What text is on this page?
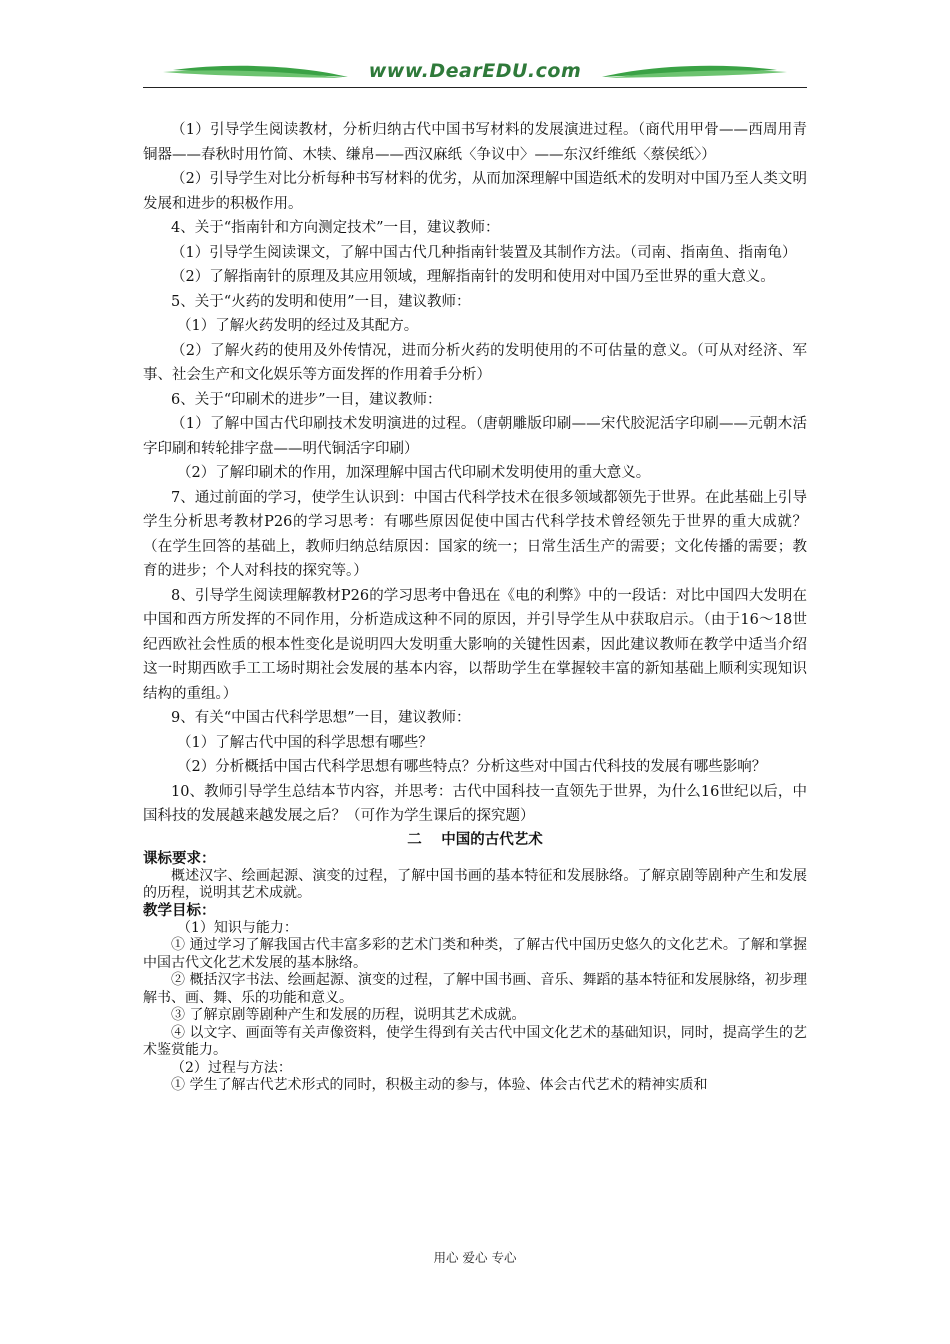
www.DearEDU.com

（1）引导学生阅读教材，分析归纳古代中国书写材料的发展演进过程。（商代用甲骨——西周用青铜器——春秋时用竹简、木犊、缣帛——西汉麻纸〈争议中〉——东汉纤维纸〈蔡侯纸〉）

（2）引导学生对比分析每种书写材料的优劣，从而加深理解中国造纸术的发明对中国乃至人类文明发展和进步的积极作用。

4、关于“指南针和方向测定技术”一目，建议教师：

（1）引导学生阅读课文，了解中国古代几种指南针装置及其制作方法。（司南、指南鱼、指南龟）

（2）了解指南针的原理及其应用领域，理解指南针的发明和使用对中国乃至世界的重大意义。

5、关于“火药的发明和使用”一目，建议教师：

（1）了解火药发明的经过及其配方。

（2）了解火药的使用及外传情况，进而分析火药的发明使用的不可估量的意义。（可从对经济、军事、社会生产和文化娱乐等方面发挥的作用着手分析）

6、关于“印刷术的进步”一目，建议教师：

（1）了解中国古代印刷技术发明演进的过程。（唐朝雕版印刷——宋代胶泥活字印刷——元朝木活字印刷和转轮排字盘——明代铜活字印刷）

（2）了解印刷术的作用，加深理解中国古代印刷术发明使用的重大意义。

7、通过前面的学习，使学生认识到：中国古代科学技术在很多领域都领先于世界。在此基础上引导学生分析思考教材P26的学习思考：有哪些原因促使中国古代科学技术曾经领先于世界的重大成就？（在学生回答的基础上，教师归纳总结原因：国家的统一；日常生活生产的需要；文化传播的需要；教育的进步；个人对科技的探究等。）

8、引导学生阅读理解教材P26的学习思考中鲁迅在《电的利弊》中的一段话：对比中国四大发明在中国和西方所发挥的不同作用，分析造成这种不同的原因，并引导学生从中获取启示。（由于16～18世纪西欧社会性质的根本性变化是说明四大发明重大影响的关键性因素，因此建议教师在教学中适当介绍这一时期西欧手工工场时期社会发展的基本内容，以帮助学生在掌握较丰富的新知基础上顺利实现知识结构的重组。）

9、有关“中国古代科学思想”一目，建议教师：

（1）了解古代中国的科学思想有哪些？

（2）分析概括中国古代科学思想有哪些特点？分析这些对中国古代科技的发展有哪些影响？

10、教师引导学生总结本节内容，并思考：古代中国科技一直领先于世界，为什么16世纪以后，中国科技的发展越来越发展之后？（可作为学生课后的探究题）

二　 中国的古代艺术

课标要求：

概述汉字、绘画起源、演变的过程，了解中国书画的基本特征和发展脉络。了解京剧等剧种产生和发展的历程，说明其艺术成就。

教学目标：

（1）知识与能力：

① 通过学习了解我国古代丰富多彩的艺术门类和种类，了解古代中国历史悠久的文化艺术。了解和掌握中国古代文化艺术发展的基本脉络。

② 概括汉字书法、绘画起源、演变的过程，了解中国书画、音乐、舞蹈的基本特征和发展脉络，初步理解书、画、舞、乐的功能和意义。

③ 了解京剧等剧种产生和发展的历程，说明其艺术成就。

④ 以文字、画面等有关声像资料，使学生得到有关古代中国文化艺术的基础知识，同时，提高学生的艺术鉴赏能力。

（2）过程与方法：

① 学生了解古代艺术形式的同时，积极主动的参与，体验、体会古代艺术的精神实质和

用心 爱心 专心
